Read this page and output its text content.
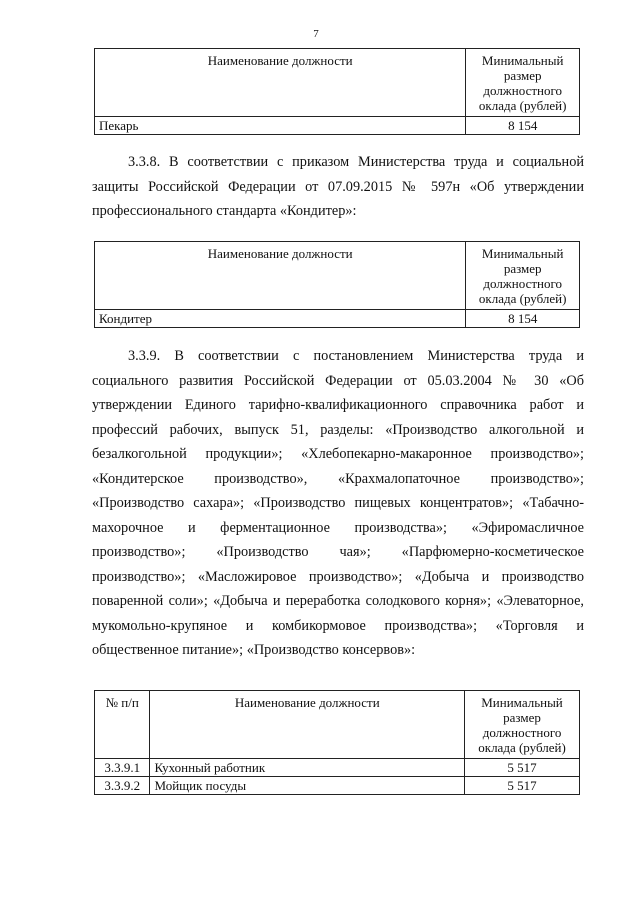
7
Наименование должности	Минимальный размер должностного оклада (рублей)
Пекарь	8 154
3.3.8. В соответствии с приказом Министерства труда и социальной защиты Российской Федерации от 07.09.2015 № 597н «Об утверждении профессионального стандарта «Кондитер»:
Наименование должности	Минимальный размер должностного оклада (рублей)
Кондитер	8 154
3.3.9. В соответствии с постановлением Министерства труда и социального развития Российской Федерации от 05.03.2004 № 30 «Об утверждении Единого тарифно-квалификационного справочника работ и профессий рабочих, выпуск 51, разделы: «Производство алкогольной и безалкогольной продукции»; «Хлебопекарно-макаронное производство»; «Кондитерское производство», «Крахмалопаточное производство»; «Производство сахара»; «Производство пищевых концентратов»; «Табачно-махорочное и ферментационное производства»; «Эфиромасличное производство»; «Производство чая»; «Парфюмерно-косметическое производство»; «Масложировое производство»; «Добыча и производство поваренной соли»; «Добыча и переработка солодкового корня»; «Элеваторное, мукомольно-крупяное и комбикормовое производства»; «Торговля и общественное питание»; «Производство консервов»:
№ п/п	Наименование должности	Минимальный размер должностного оклада (рублей)
3.3.9.1	Кухонный работник	5 517
3.3.9.2	Мойщик посуды	5 517
